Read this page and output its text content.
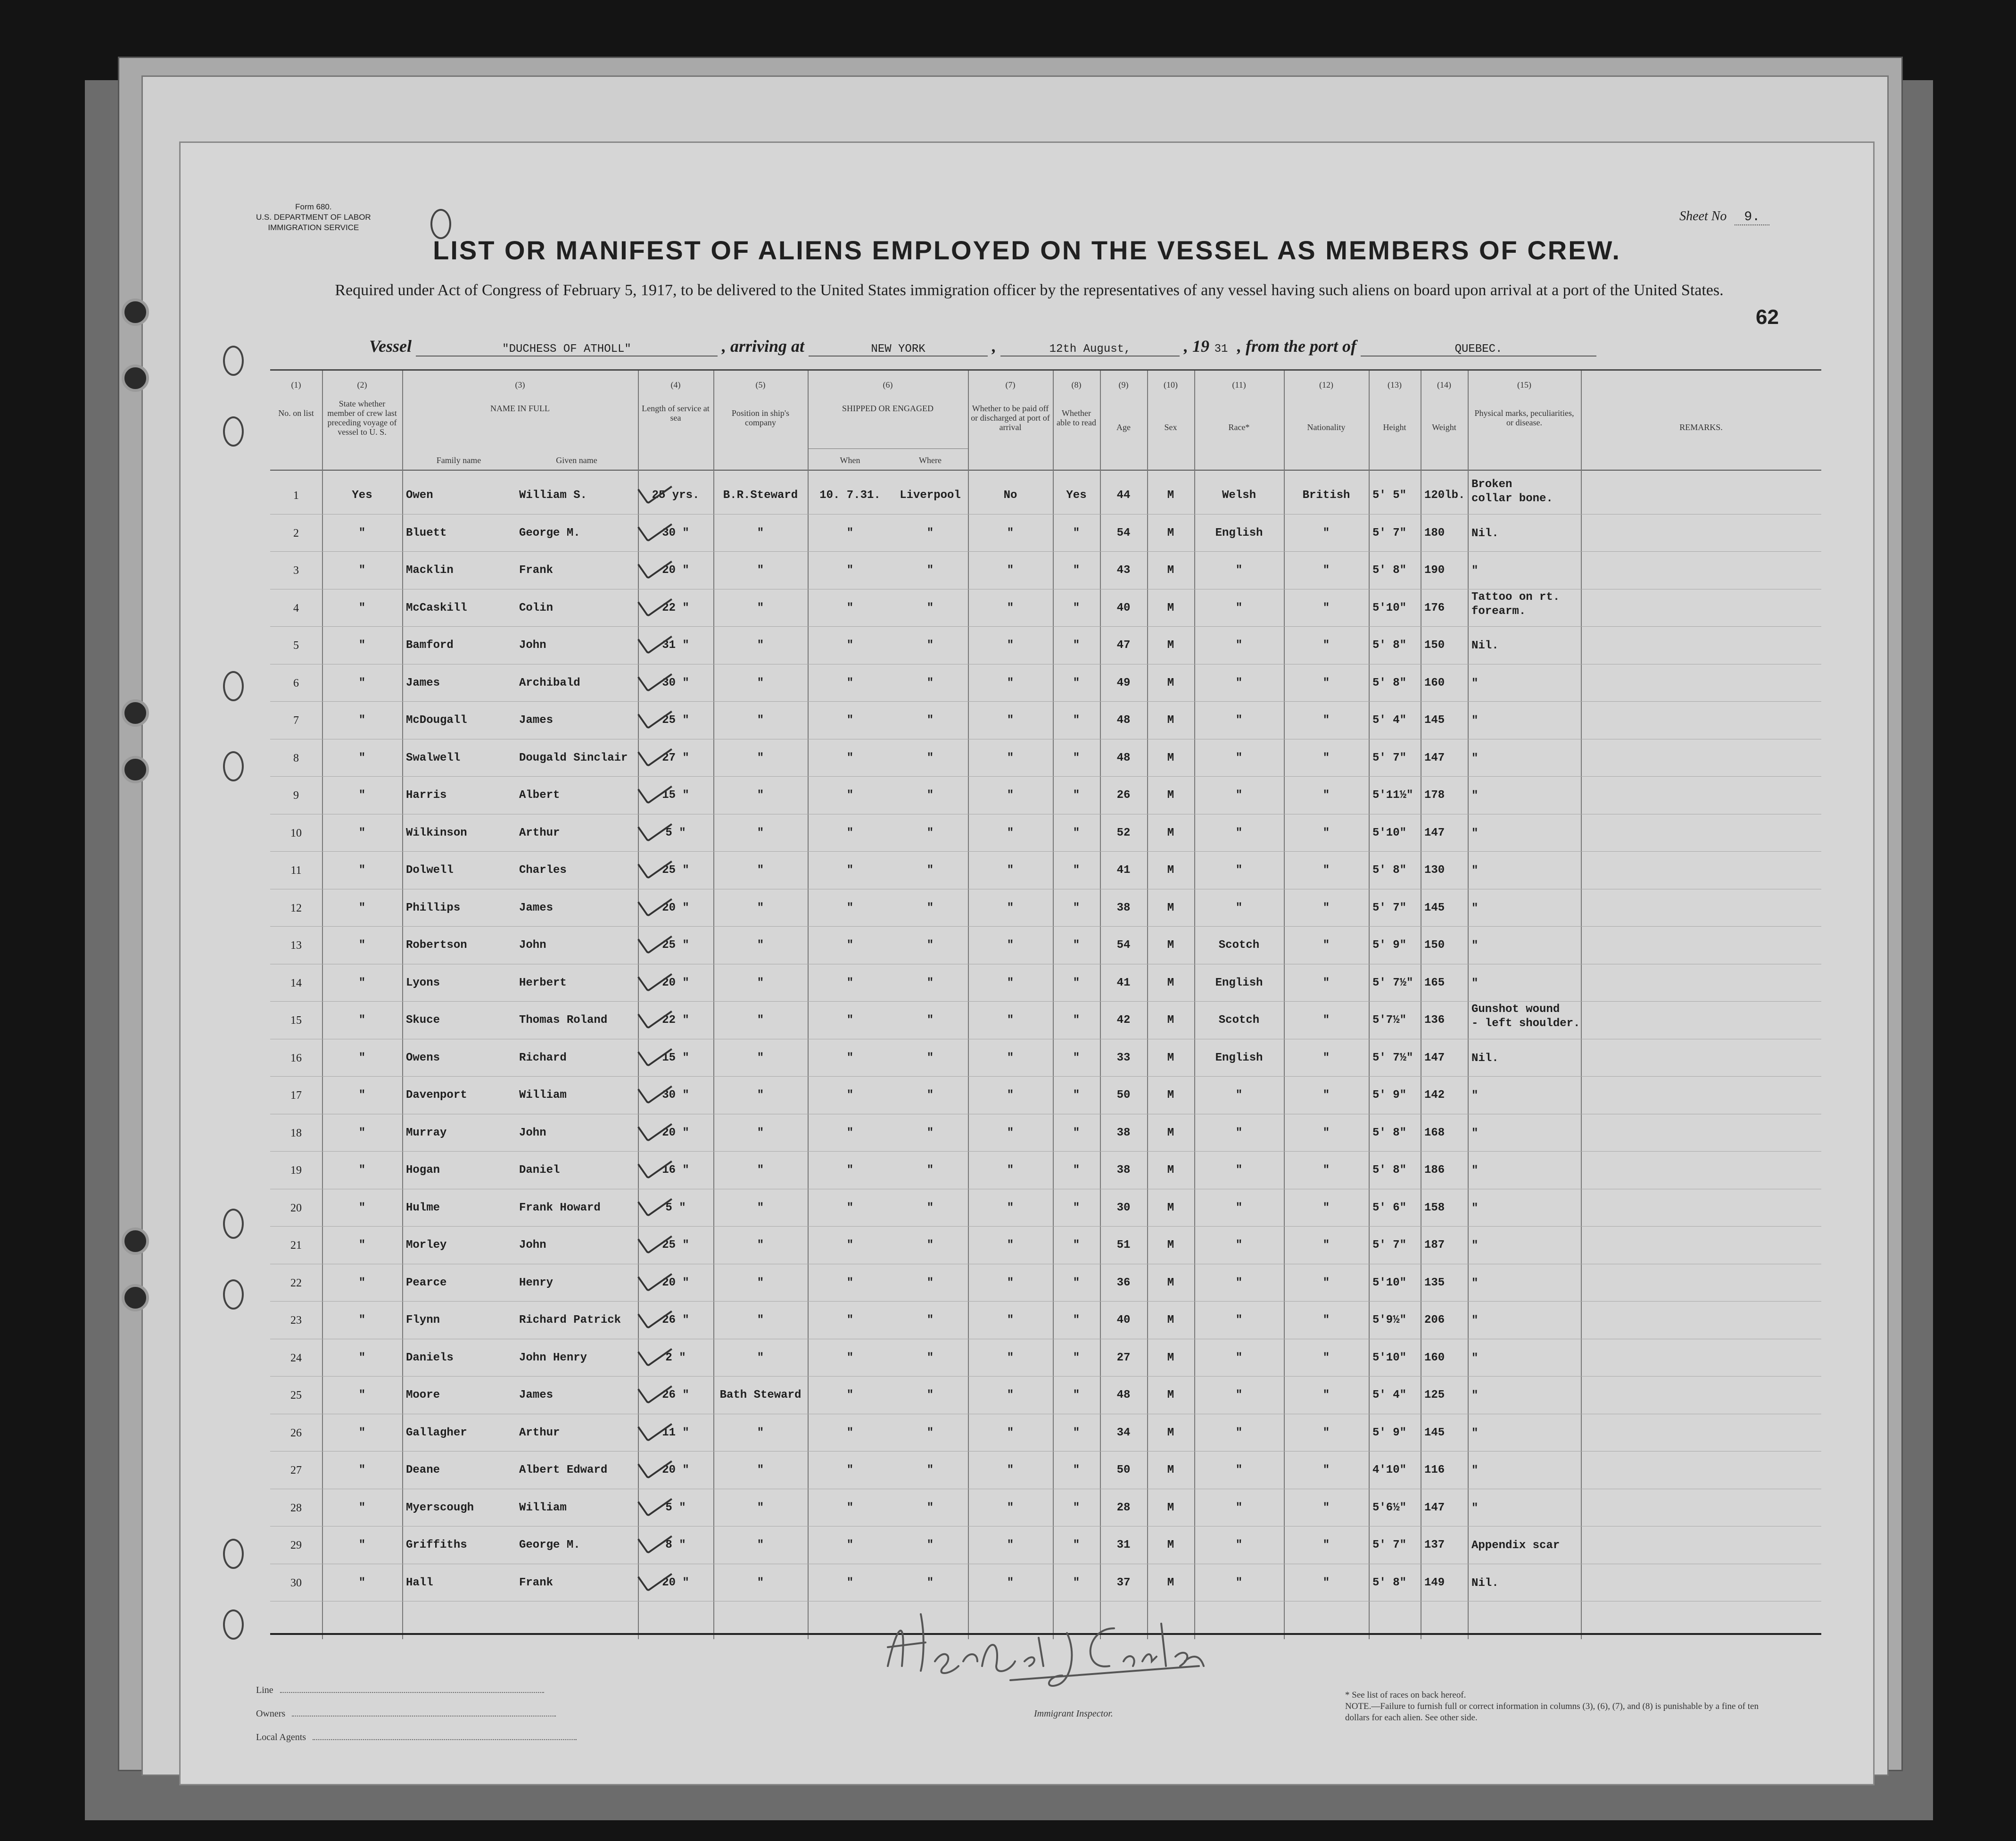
Form 680.
U.S. DEPARTMENT OF LABOR
IMMIGRATION SERVICE
Sheet No 9.
LIST OR MANIFEST OF ALIENS EMPLOYED ON THE VESSEL AS MEMBERS OF CREW.
Required under Act of Congress of February 5, 1917, to be delivered to the United States immigration officer by the representatives of any vessel having such aliens on board upon arrival at a port of the United States.
62
Vessel	"DUCHESS OF ATHOLL"	, arriving at	NEW YORK	,	12th August,	, 19 31 , from the port of	QUEBEC.
(1)	(2)	(3)	(4)	(5)	(6)	(7)	(8)	(9)	(10)	(11)	(12)	(13)	(14)	(15)
No. on list
State whether member of crew last preceding voyage of vessel to U. S.
NAME IN FULL
Family name	Given name
Length of service at sea	Position in ship's company
SHIPPED OR ENGAGED
When	Where
Whether to be paid off or discharged at port of arrival
Whether able to read	Age	Sex	Race*	Nationality	Height	Weight
Physical marks, peculiarities, or disease.	REMARKS.
1	Yes	Owen	William S.	25 yrs.	B.R.Steward	10. 7.31.	Liverpool	No	Yes	44	M	Welsh	British	5' 5"	120lb.
Broken
collar bone.
2	"	Bluett	George M.	30 "	"	"	"	"	"	54	M	English	"	5' 7"	180	Nil.
3	"	Macklin	Frank	20 "	"	"	"	"	"	43	M	"	"	5' 8"	190	"
4	"	McCaskill	Colin	22 "	"	"	"	"	"	40	M	"	"	5'10"	176
Tattoo on rt.
forearm.
5	"	Bamford	John	31 "	"	"	"	"	"	47	M	"	"	5' 8"	150	Nil.
6	"	James	Archibald	30 "	"	"	"	"	"	49	M	"	"	5' 8"	160	"
7	"	McDougall	James	25 "	"	"	"	"	"	48	M	"	"	5' 4"	145	"
8	"	Swalwell	Dougald Sinclair	27 "	"	"	"	"	"	48	M	"	"	5' 7"	147	"
9	"	Harris	Albert	15 "	"	"	"	"	"	26	M	"	"	5'11½" 178	"
10	"	Wilkinson	Arthur	5 "	"	"	"	"	"	52	M	"	"	5'10"	147	"
11	"	Dolwell	Charles	25 "	"	"	"	"	"	41	M	"	"	5' 8"	130	"
12	"	Phillips	James	20 "	"	"	"	"	"	38	M	"	"	5' 7"	145	"
13	"	Robertson	John	25 "	"	"	"	"	"	54	M	Scotch	"	5' 9"	150	"
14	"	Lyons	Herbert	20 "	"	"	"	"	"	41	M	English	"	5' 7½" 165	"
15	"	Skuce	Thomas Roland	22 "	"	"	"	"	"	42	M	Scotch	"	5'7½"	136
Gunshot wound
- left shoulder.
16	"	Owens	Richard	15 "	"	"	"	"	"	33	M	English	"	5' 7½" 147	Nil.
17	"	Davenport	William	30 "	"	"	"	"	"	50	M	"	"	5' 9"	142	"
18	"	Murray	John	20 "	"	"	"	"	"	38	M	"	"	5' 8"	168	"
19	"	Hogan	Daniel	16 "	"	"	"	"	"	38	M	"	"	5' 8"	186	"
20	"	Hulme	Frank Howard	5 "	"	"	"	"	"	30	M	"	"	5' 6"	158	"
21	"	Morley	John	25 "	"	"	"	"	"	51	M	"	"	5' 7"	187	"
22	"	Pearce	Henry	20 "	"	"	"	"	"	36	M	"	"	5'10"	135	"
23	"	Flynn	Richard Patrick	26 "	"	"	"	"	"	40	M	"	"	5'9½"	206	"
24	"	Daniels	John Henry	2 "	"	"	"	"	"	27	M	"	"	5'10"	160	"
25	"	Moore	James	26 "	Bath Steward	"	"	"	"	48	M	"	"	5' 4"	125	"
26	"	Gallagher	Arthur	11 "	"	"	"	"	"	34	M	"	"	5' 9"	145	"
27	"	Deane	Albert Edward	20 "	"	"	"	"	"	50	M	"	"	4'10"	116	"
28	"	Myerscough	William	5 "	"	"	"	"	"	28	M	"	"	5'6½"	147	"
29	"	Griffiths	George M.	8 "	"	"	"	"	"	31	M	"	"	5' 7"	137	Appendix scar
30	"	Hall	Frank	20 "	"	"	"	"	"	37	M	"	"	5' 8"	149	Nil.
Line
Owners
Local Agents
Immigrant Inspector.
* See list of races on back hereof.
NOTE.—Failure to furnish full or correct information in columns (3), (6), (7), and (8) is punishable by a fine of ten dollars for each alien. See other side.
